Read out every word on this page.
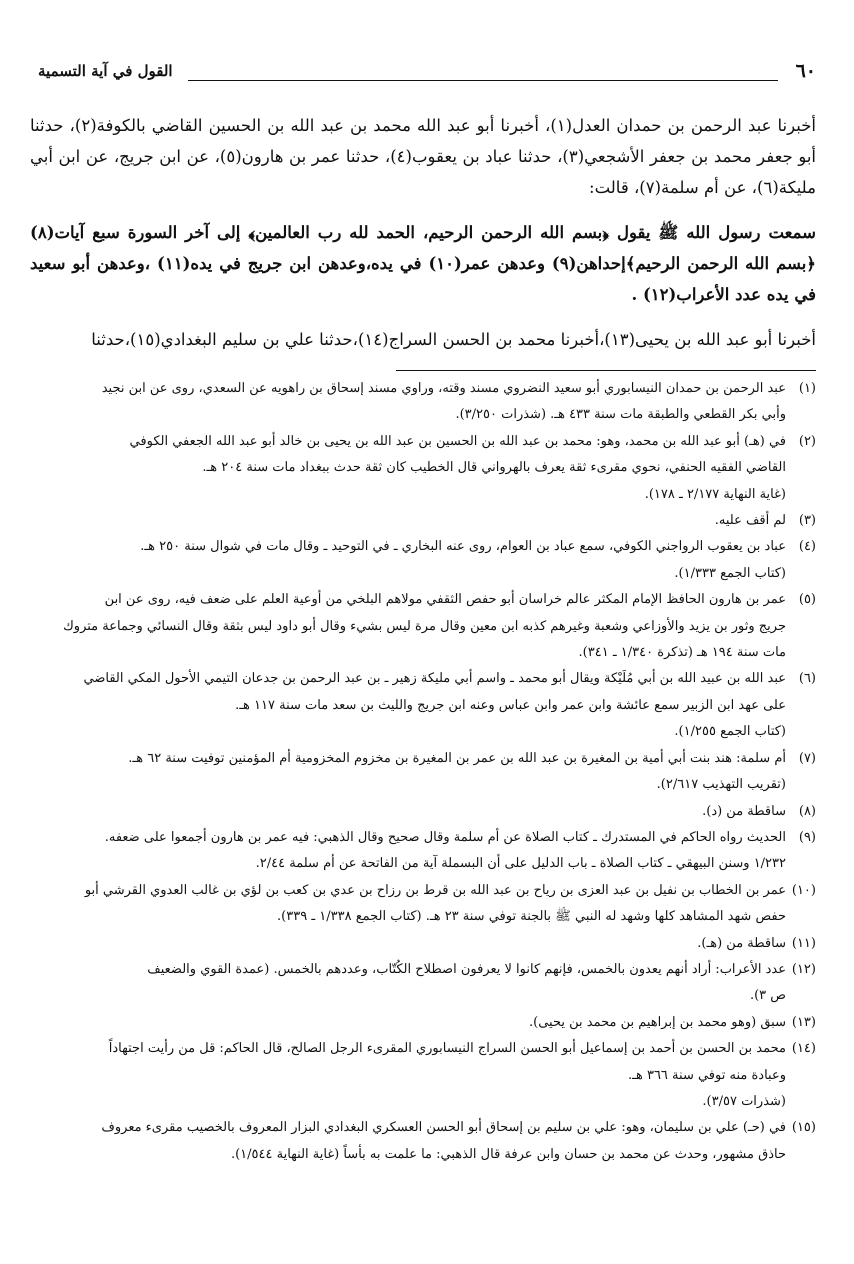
٦٠
القول في آية التسمية

أخبرنا عبد الرحمن بن حمدان العدل(١)، أخبرنا أبو عبد الله محمد بن عبد الله بن الحسين القاضي بالكوفة(٢)، حدثنا أبو جعفر محمد بن جعفر الأشجعي(٣)، حدثنا عباد بن يعقوب(٤)، حدثنا عمر بن هارون(٥)، عن ابن جريج، عن ابن أبي مليكة(٦)، عن أم سلمة(٧)، قالت:

سمعت رسول الله ﷺ يقول ﴿بسم الله الرحمن الرحيم، الحمد لله رب العالمين﴾ إلى آخر السورة سبع آيات(٨) ﴿بسم الله الرحمن الرحيم﴾إحداهن(٩) وعدهن عمر(١٠) في يده،وعدهن ابن جريج في يده(١١) ،وعدهن أبو سعيد في يده عدد الأعراب(١٢) .

أخبرنا أبو عبد الله بن يحيى(١٣)،أخبرنا محمد بن الحسن السراج(١٤)،حدثنا علي بن سليم البغدادي(١٥)،حدثنا

(١)
عبد الرحمن بن حمدان النيسابوري أبو سعيد النضروي مسند وقته، وراوي مسند إسحاق بن راهويه عن السعدي، روى عن ابن نجيد
وأبي بكر القطعي والطبقة مات سنة ٤٣٣ هـ. (شذرات ٣/٢٥٠).
(٢)
في (هـ) أبو عبد الله بن محمد، وهو: محمد بن عبد الله بن الحسين بن عبد الله بن يحيى بن خالد أبو عبد الله الجعفي الكوفي
القاضي الفقيه الحنفي، نحوي مقرىء ثقة يعرف بالهرواني قال الخطيب كان ثقة حدث ببغداد مات سنة ٢٠٤ هـ.
(غاية النهاية ٢/١٧٧ ـ ١٧٨).
(٣)
لم أقف عليه.
(٤)
عباد بن يعقوب الرواجني الكوفي، سمع عباد بن العوام، روى عنه البخاري ـ في التوحيد ـ وقال مات في شوال سنة ٢٥٠ هـ.
(كتاب الجمع ١/٣٣٣).
(٥)
عمر بن هارون الحافظ الإمام المكثر عالم خراسان أبو حفص الثقفي مولاهم البلخي من أوعية العلم على ضعف فيه، روى عن ابن
جريج وثور بن يزيد والأوزاعي وشعبة وغيرهم كذبه ابن معين وقال مرة ليس بشيء وقال أبو داود ليس بثقة وقال النسائي وجماعة متروك
مات سنة ١٩٤ هـ (تذكرة ١/٣٤٠ ـ ٣٤١).
(٦)
عبد الله بن عبيد الله بن أبي مُلَيْكة ويقال أبو محمد ـ واسم أبي مليكة زهير ـ بن عبد الرحمن بن جدعان التيمي الأحول المكي القاضي
على عهد ابن الزبير سمع عائشة وابن عمر وابن عباس وعنه ابن جريج والليث بن سعد مات سنة ١١٧ هـ.
(كتاب الجمع ١/٢٥٥).
(٧)
أم سلمة: هند بنت أبي أمية بن المغيرة بن عبد الله بن عمر بن المغيرة بن مخزوم المخزومية أم المؤمنين توفيت سنة ٦٢ هـ.
(تقريب التهذيب ٢/٦١٧).
(٨)
ساقطة من (د).
(٩)
الحديث رواه الحاكم في المستدرك ـ كتاب الصلاة عن أم سلمة وقال صحيح وقال الذهبي: فيه عمر بن هارون أجمعوا على ضعفه.
١/٢٣٢ وسنن البيهقي ـ كتاب الصلاة ـ باب الدليل على أن البسملة آية من الفاتحة عن أم سلمة ٢/٤٤.
(١٠)
عمر بن الخطاب بن نفيل بن عبد العزى بن رياح بن عبد الله بن قرط بن رزاح بن عدي بن كعب بن لؤي بن غالب العدوي القرشي أبو
حفص شهد المشاهد كلها وشهد له النبي ﷺ بالجنة توفي سنة ٢٣ هـ. (كتاب الجمع ١/٣٣٨ ـ ٣٣٩).
(١١)
ساقطة من (هـ).
(١٢)
عدد الأعراب: أراد أنهم يعدون بالخمس، فإنهم كانوا لا يعرفون اصطلاح الكُتّاب، وعددهم بالخمس. (عمدة القوي والضعيف
ص ٣).
(١٣)
سبق (وهو محمد بن إبراهيم بن محمد بن يحيى).
(١٤)
محمد بن الحسن بن أحمد بن إسماعيل أبو الحسن السراج النيسابوري المقرىء الرجل الصالح، قال الحاكم: قل من رأيت اجتهاداً
وعبادة منه توفي سنة ٣٦٦ هـ.
(شذرات ٣/٥٧).
(١٥)
في (حـ) علي بن سليمان، وهو: علي بن سليم بن إسحاق أبو الحسن العسكري البغدادي البزار المعروف بالخصيب مقرىء معروف
حاذق مشهور، وحدث عن محمد بن حسان وابن عرفة قال الذهبي: ما علمت به بأساً (غاية النهاية ١/٥٤٤).
